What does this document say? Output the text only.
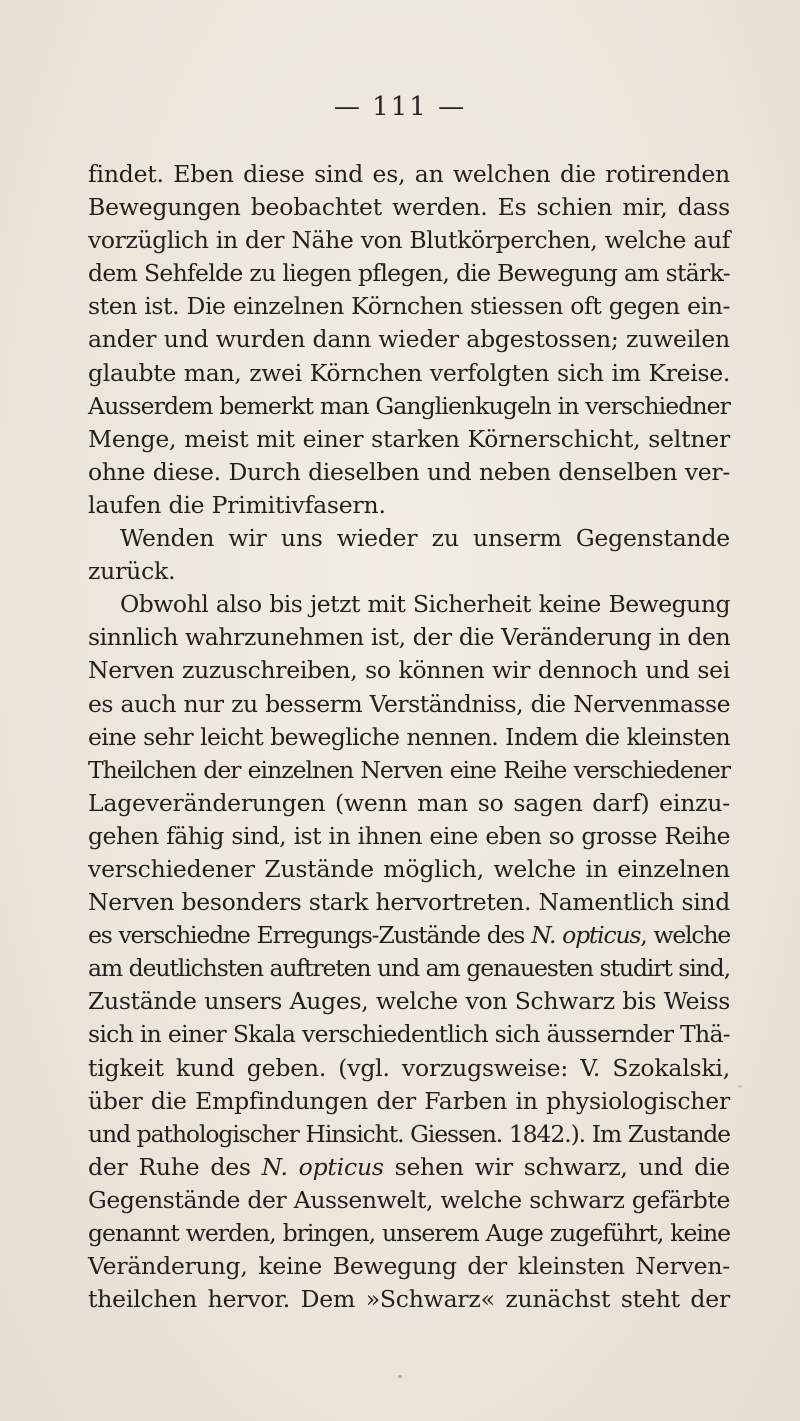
— 111 —
findet. Eben diese sind es, an welchen die rotirenden
Bewegungen beobachtet werden. Es schien mir, dass
vorzüglich in der Nähe von Blutkörperchen, welche auf
dem Sehfelde zu liegen pflegen, die Bewegung am stärk-
sten ist. Die einzelnen Körnchen stiessen oft gegen ein-
ander und wurden dann wieder abgestossen; zuweilen
glaubte man, zwei Körnchen verfolgten sich im Kreise.
Ausserdem bemerkt man Ganglienkugeln in verschiedner
Menge, meist mit einer starken Körnerschicht, seltner
ohne diese. Durch dieselben und neben denselben ver-
laufen die Primitivfasern.
Wenden wir uns wieder zu unserm Gegenstande
zurück.
Obwohl also bis jetzt mit Sicherheit keine Bewegung
sinnlich wahrzunehmen ist, der die Veränderung in den
Nerven zuzuschreiben, so können wir dennoch und sei
es auch nur zu besserm Verständniss, die Nervenmasse
eine sehr leicht bewegliche nennen. Indem die kleinsten
Theilchen der einzelnen Nerven eine Reihe verschiedener
Lageveränderungen (wenn man so sagen darf) einzu-
gehen fähig sind, ist in ihnen eine eben so grosse Reihe
verschiedener Zustände möglich, welche in einzelnen
Nerven besonders stark hervortreten. Namentlich sind
es verschiedne Erregungs-Zustände des N. opticus, welche
am deutlichsten auftreten und am genauesten studirt sind,
Zustände unsers Auges, welche von Schwarz bis Weiss
sich in einer Skala verschiedentlich sich äussernder Thä-
tigkeit kund geben. (vgl. vorzugsweise: V. Szokalski,
über die Empfindungen der Farben in physiologischer
und pathologischer Hinsicht. Giessen. 1842.). Im Zustande
der Ruhe des N. opticus sehen wir schwarz, und die
Gegenstände der Aussenwelt, welche schwarz gefärbte
genannt werden, bringen, unserem Auge zugeführt, keine
Veränderung, keine Bewegung der kleinsten Nerven-
theilchen hervor. Dem »Schwarz« zunächst steht der
